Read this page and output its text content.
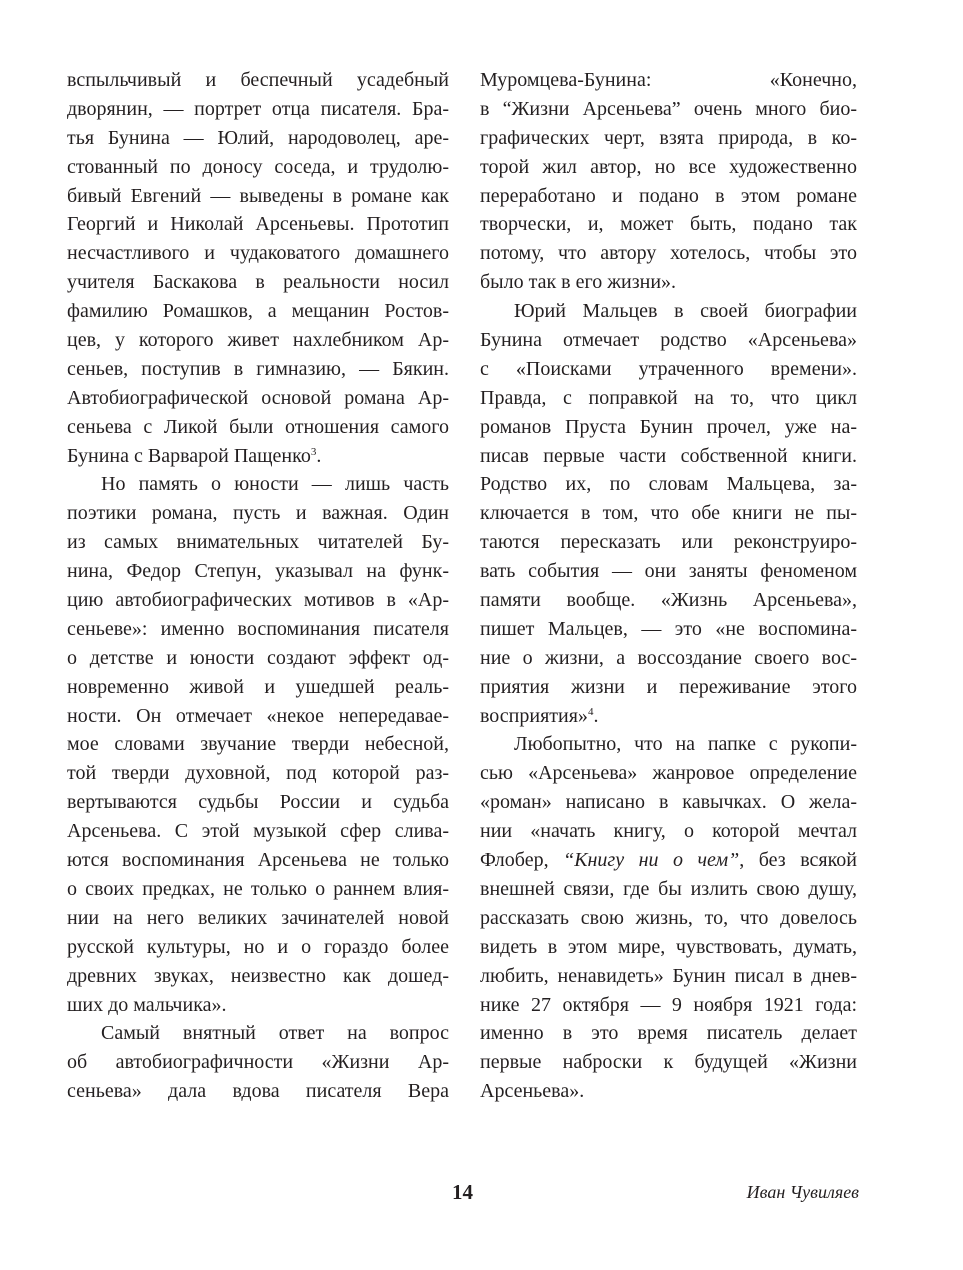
вспыльчивый и беспечный усадебный
дворянин, — портрет отца писателя. Бра-
тья Бунина — Юлий, народоволец, аре-
стованный по доносу соседа, и трудолю-
бивый Евгений — выведены в романе как
Георгий и Николай Арсеньевы. Прототип
несчастливого и чудаковатого домашнего
учителя Баскакова в реальности носил
фамилию Ромашков, а мещанин Ростов-
цев, у которого живет нахлебником Ар-
сеньев, поступив в гимназию, — Бякин.
Автобиографической основой романа Ар-
сеньева с Ликой были отношения самого
Бунина с Варварой Пащенко$^3$.
Но память о юности — лишь часть
поэтики романа, пусть и важная. Один
из самых внимательных читателей Бу-
нина, Федор Степун, указывал на функ-
цию автобиографических мотивов в «Ар-
сеньеве»: именно воспоминания писателя
о детстве и юности создают эффект од-
новременно живой и ушедшей реаль-
ности. Он отмечает «некое непередавае-
мое словами звучание тверди небесной,
той тверди духовной, под которой раз-
вертываются судьбы России и судьба
Арсеньева. С этой музыкой сфер слива-
ются воспоминания Арсеньева не только
о своих предках, не только о раннем влия-
нии на него великих зачинателей новой
русской культуры, но и о гораздо более
древних звуках, неизвестно как дошед-
ших до мальчика».
Самый внятный ответ на вопрос
об автобиографичности «Жизни Ар-
сеньева» дала вдова писателя Вера
Муромцева-Бунина: «Конечно,
в “Жизни Арсеньева” очень много био-
графических черт, взята природа, в ко-
торой жил автор, но все художественно
переработано и подано в этом романе
творчески, и, может быть, подано так
потому, что автору хотелось, чтобы это
было так в его жизни».
Юрий Мальцев в своей биографии
Бунина отмечает родство «Арсеньева»
с «Поисками утраченного времени».
Правда, с поправкой на то, что цикл
романов Пруста Бунин прочел, уже на-
писав первые части собственной книги.
Родство их, по словам Мальцева, за-
ключается в том, что обе книги не пы-
таются пересказать или реконструиро-
вать события — они заняты феноменом
памяти вообще. «Жизнь Арсеньева»,
пишет Мальцев, — это «не воспомина-
ние о жизни, а воссоздание своего вос-
приятия жизни и переживание этого
восприятия»$^4$.
Любопытно, что на папке с рукопи-
сью «Арсеньева» жанровое определение
«роман» написано в кавычках. О жела-
нии «начать книгу, о которой мечтал
Флобер, “Книгу ни о чем”, без всякой
внешней связи, где бы излить свою душу,
рассказать свою жизнь, то, что довелось
видеть в этом мире, чувствовать, думать,
любить, ненавидеть» Бунин писал в днев-
нике 27 октября — 9 ноября 1921 года:
именно в это время писатель делает
первые наброски к будущей «Жизни
Арсеньева».
14	Иван Чувиляев
